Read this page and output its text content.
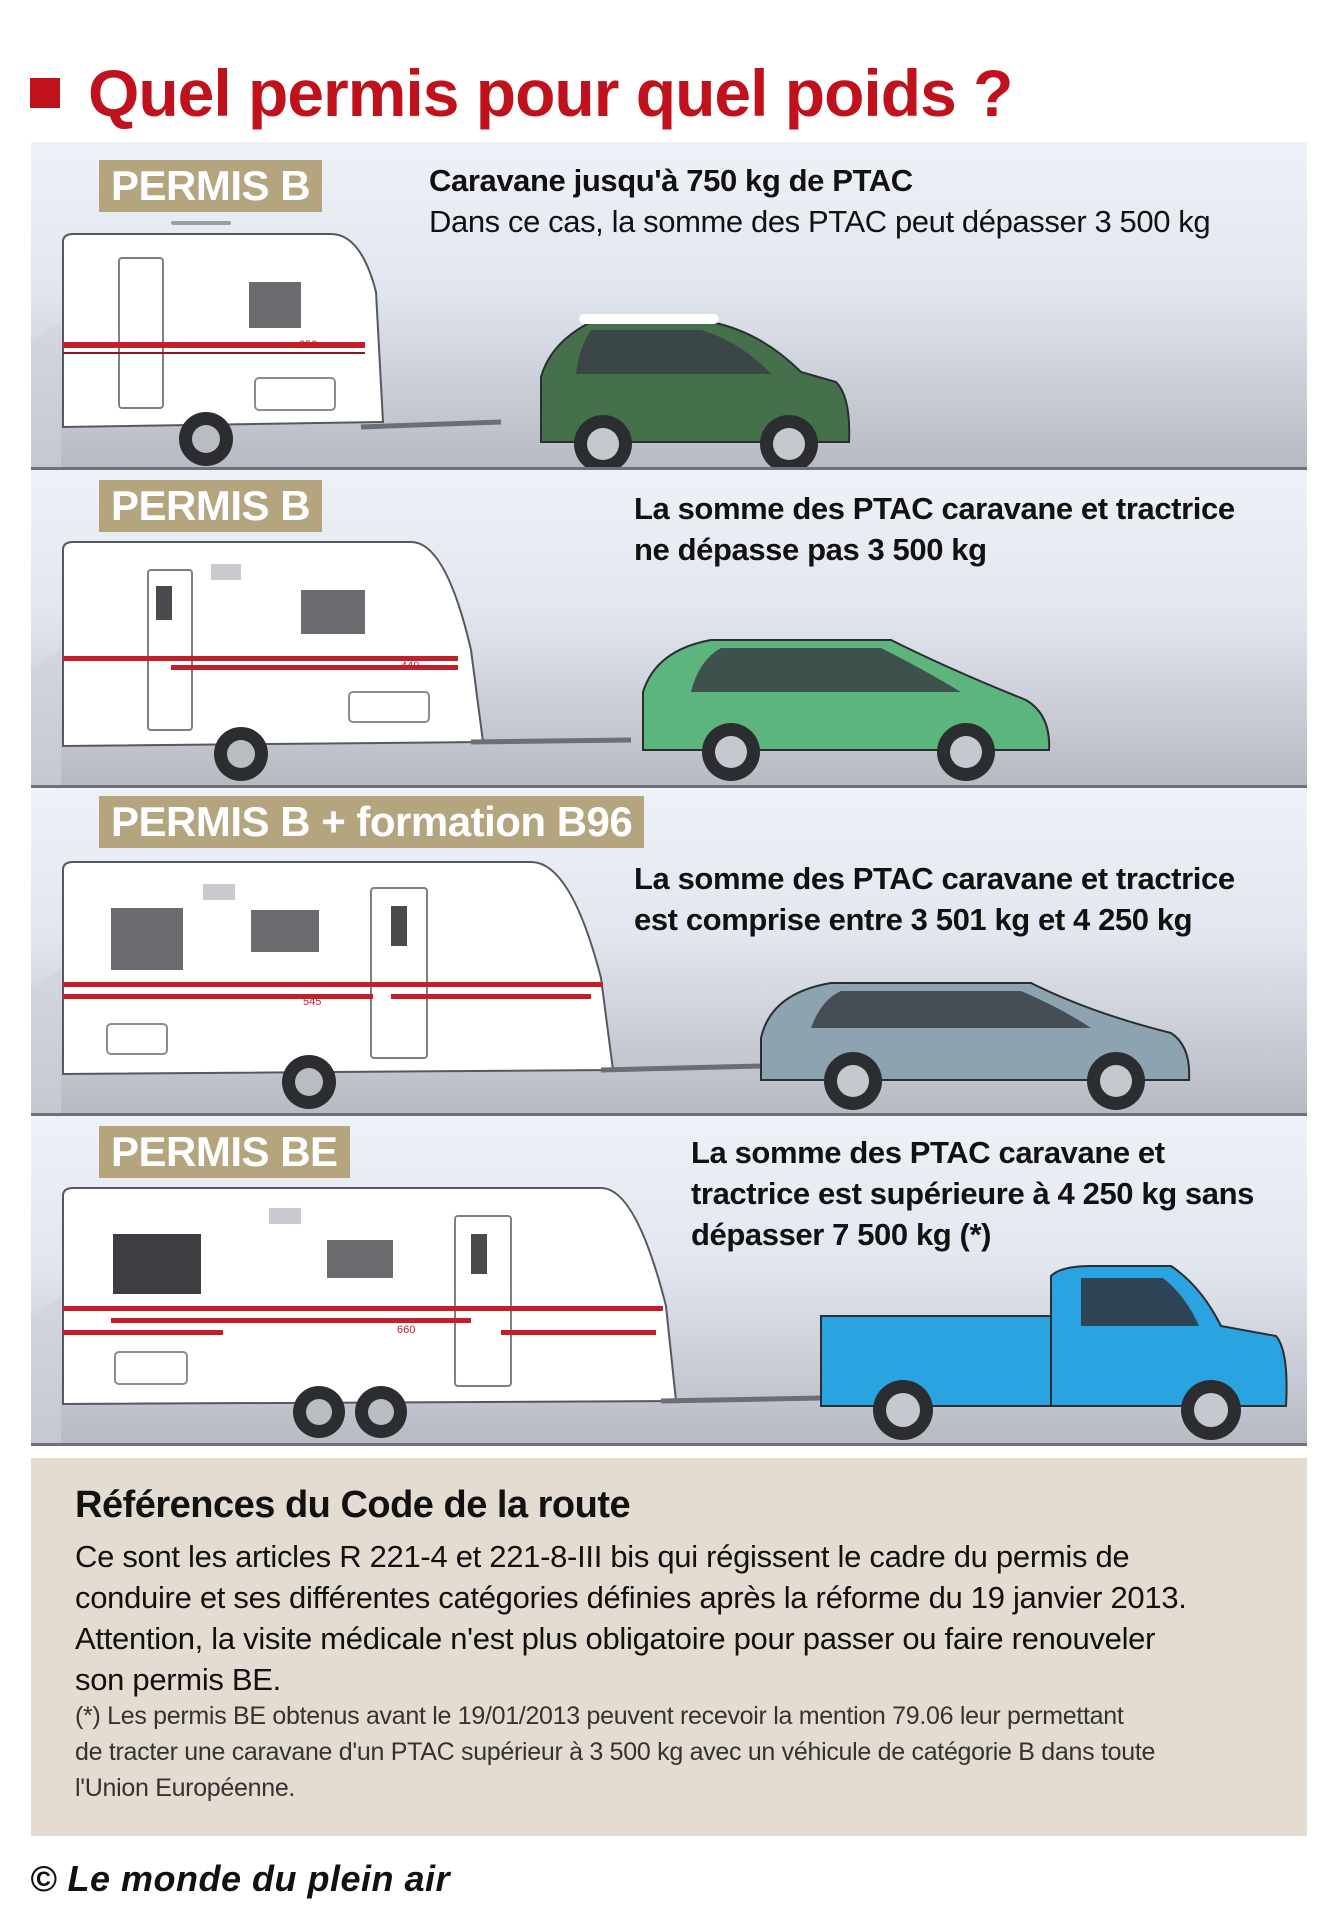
Quel permis pour quel poids ?
350
PERMIS B	Caravane jusqu'à 750 kg de PTAC
Dans ce cas, la somme des PTAC peut dépasser 3 500 kg
440
PERMIS B	La somme des PTAC caravane et tractrice
ne dépasse pas 3 500 kg
545
PERMIS B + formation B96
La somme des PTAC caravane et tractrice
est comprise entre 3 501 kg et 4 250 kg
660
PERMIS BE	La somme des PTAC caravane et
tractrice est supérieure à 4 250 kg sans
dépasser 7 500 kg (*)
Références du Code de la route
Ce sont les articles R 221-4 et 221-8-III bis qui régissent le cadre du permis de
conduire et ses différentes catégories définies après la réforme du 19 janvier 2013.
Attention, la visite médicale n'est plus obligatoire pour passer ou faire renouveler
son permis BE.
(*) Les permis BE obtenus avant le 19/01/2013 peuvent recevoir la mention 79.06 leur permettant
de tracter une caravane d'un PTAC supérieur à 3 500 kg avec un véhicule de catégorie B dans toute
l'Union Européenne.
© Le monde du plein air
